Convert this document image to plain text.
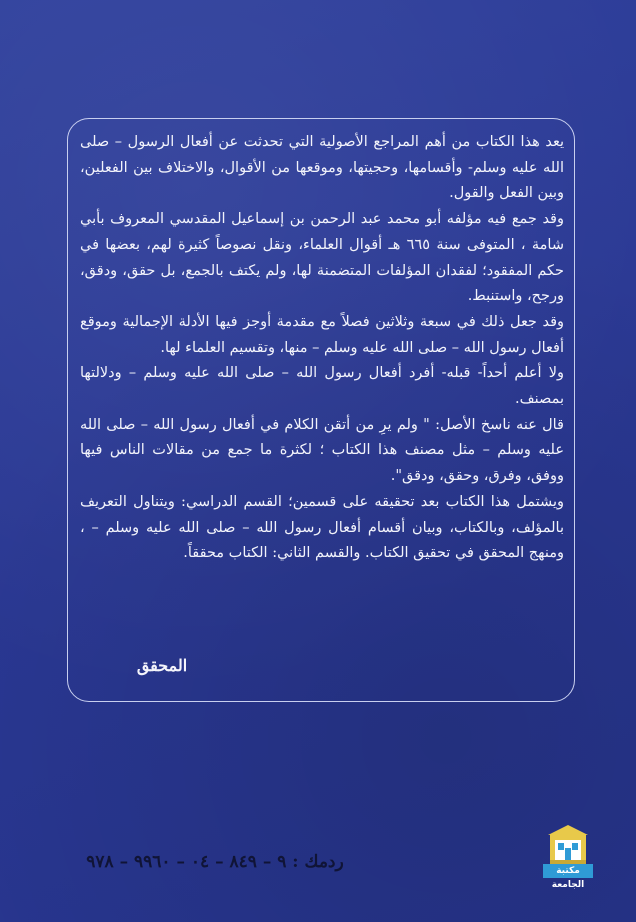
يعد هذا الكتاب من أهم المراجع الأصولية التي تحدثت عن أفعال الرسول – صلى الله عليه وسلم- وأقسامها، وحجيتها، وموقعها من الأقوال، والاختلاف بين الفعلين، وبين الفعل والقول.

وقد جمع فيه مؤلفه أبو محمد عبد الرحمن بن إسماعيل المقدسي المعروف بأبي شامة ، المتوفى سنة ٦٦٥ هـ أقوال العلماء، ونقل نصوصاً كثيرة لهم، بعضها في حكم المفقود؛ لفقدان المؤلفات المتضمنة لها، ولم يكتف بالجمع، بل حقق، ودقق، ورجح، واستنبط.

وقد جعل ذلك في سبعة وثلاثين فصلاً مع مقدمة أوجز فيها الأدلة الإجمالية وموقع أفعال رسول الله – صلى الله عليه وسلم – منها، وتقسيم العلماء لها.

ولا أعلم أحداً- قبله- أفرد أفعال رسول الله – صلى الله عليه وسلم – ودلالتها بمصنف.

قال عنه ناسخ الأصل: " ولم يرِ من أتقن الكلام في أفعال رسول الله – صلى الله عليه وسلم – مثل مصنف هذا الكتاب ؛ لكثرة ما جمع من مقالات الناس فيها ووفق، وفرق، وحقق، ودقق".

ويشتمل هذا الكتاب بعد تحقيقه على قسمين؛ القسم الدراسي: ويتناول التعريف بالمؤلف، وبالكتاب، وبيان أقسام أفعال رسول الله – صلى الله عليه وسلم – ، ومنهج المحقق في تحقيق الكتاب. والقسم الثاني: الكتاب محققاً.

المحقق
ردمك : ٩ – ٨٤٩ – ٠٤ – ٩٩٦٠ – ٩٧٨	مكتبة الجامعة
